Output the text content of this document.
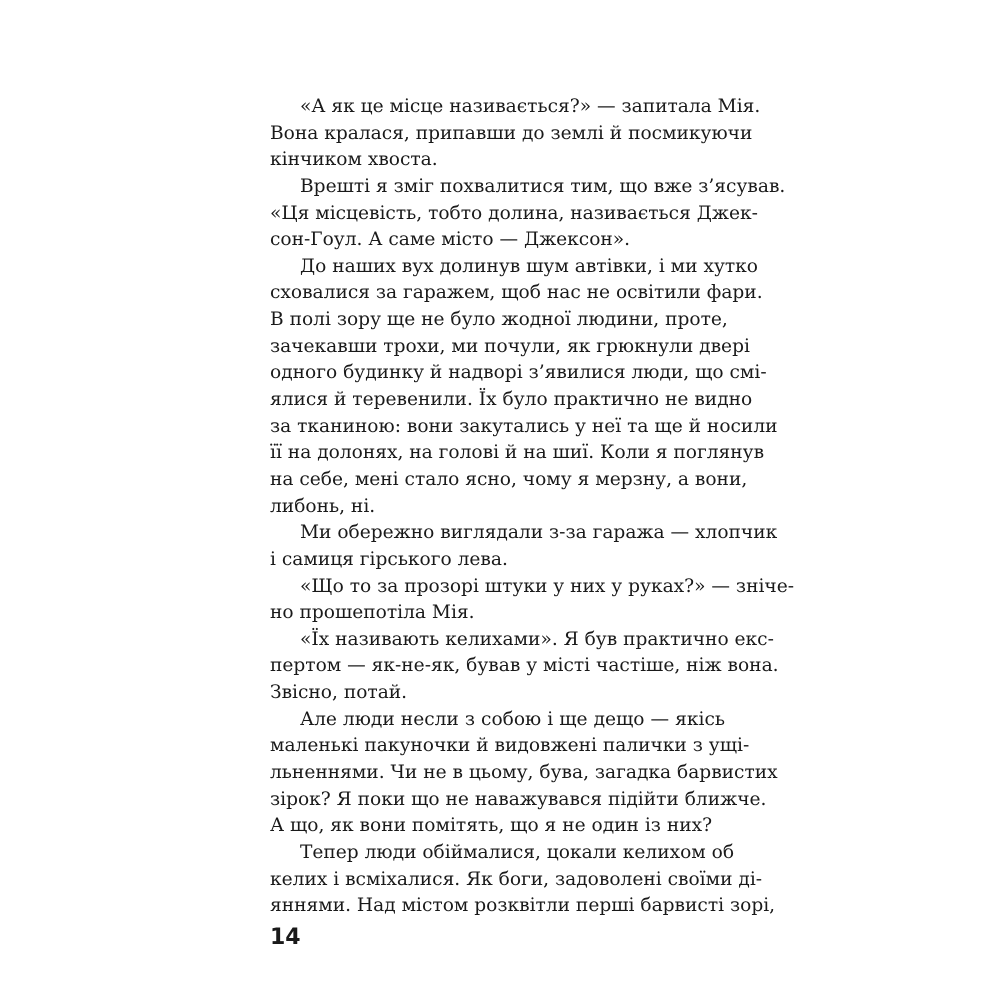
«А як це місце називається?» — запитала Мія.
Вона кралася, припавши до землі й посмикуючи
кінчиком хвоста.
Врешті я зміг похвалитися тим, що вже з’ясував.
«Ця місцевість, тобто долина, називається Джек-
сон-Гоул. А саме місто — Джексон».
До наших вух долинув шум автівки, і ми хутко
сховалися за гаражем, щоб нас не освітили фари.
В полі зору ще не було жодної людини, проте,
зачекавши трохи, ми почули, як грюкнули двері
одного будинку й надворі з’явилися люди, що смі-
ялися й теревенили. Їх було практично не видно
за тканиною: вони закутались у неї та ще й носили
її на долонях, на голові й на шиї. Коли я поглянув
на себе, мені стало ясно, чому я мерзну, а вони,
либонь, ні.
Ми обережно виглядали з-за гаража — хлопчик
і самиця гірського лева.
«Що то за прозорі штуки у них у руках?» — зніче-
но прошепотіла Мія.
«Їх називають келихами». Я був практично екс-
пертом — як-не-як, бував у місті частіше, ніж вона.
Звісно, потай.
Але люди несли з собою і ще дещо — якісь
маленькі пакуночки й видовжені палички з ущі-
льненнями. Чи не в цьому, бува, загадка барвистих
зірок? Я поки що не наважувався підійти ближче.
А що, як вони помітять, що я не один із них?
Тепер люди обіймалися, цокали келихом об
келих і всміхалися. Як боги, задоволені своїми ді-
яннями. Над містом розквітли перші барвисті зорі,
14
